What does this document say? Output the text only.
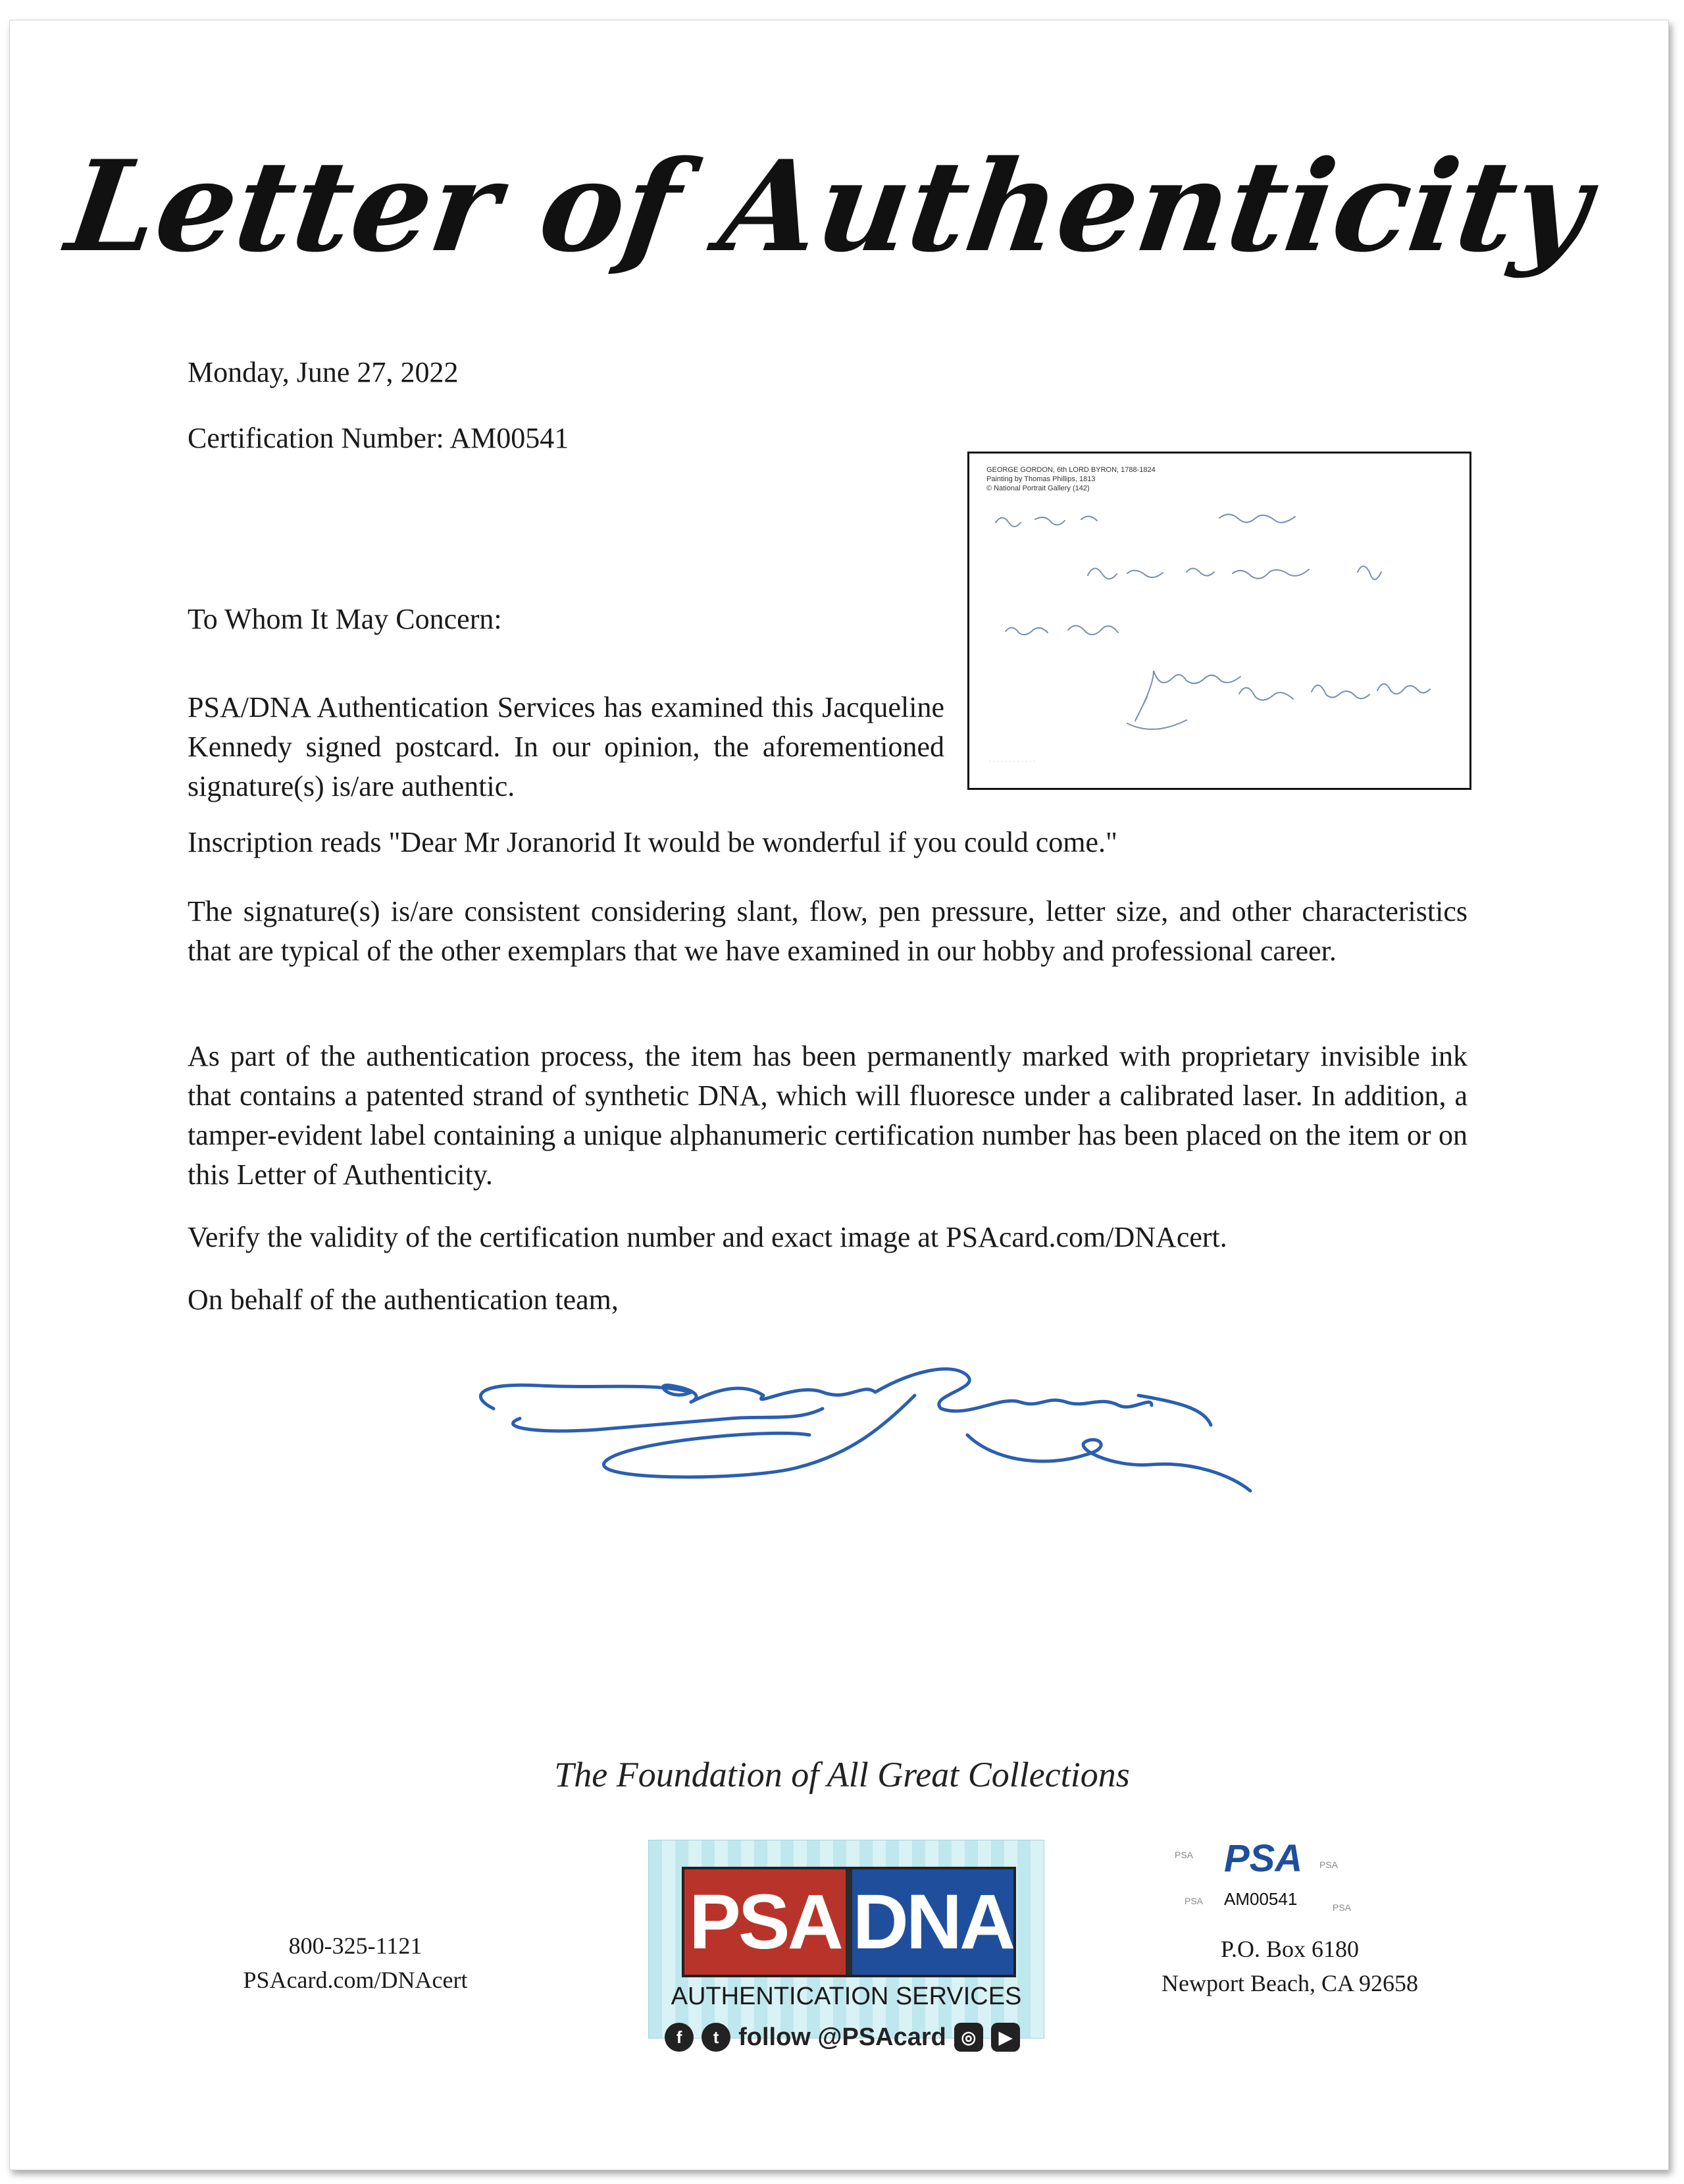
Letter of Authenticity
Monday, June 27, 2022
Certification Number: AM00541
GEORGE GORDON, 6th LORD BYRON, 1788-1824
Painting by Thomas Phillips, 1813
© National Portrait Gallery (142)
· · · · · · · · · · · ·
To Whom It May Concern:
PSA/DNA Authentication Services has examined this Jacqueline Kennedy signed postcard. In our opinion, the aforementioned signature(s) is/are authentic.
Inscription reads "Dear Mr Joranorid It would be wonderful if you could come."
The signature(s) is/are consistent considering slant, flow, pen pressure, letter size, and other characteristics that are typical of the other exemplars that we have examined in our hobby and professional career.
As part of the authentication process, the item has been permanently marked with proprietary invisible ink that contains a patented strand of synthetic DNA, which will fluoresce under a calibrated laser. In addition, a tamper-evident label containing a unique alphanumeric certification number has been placed on the item or on this Letter of Authenticity.
Verify the validity of the certification number and exact image at PSAcard.com/DNAcert.
On behalf of the authentication team,
The Foundation of All Great Collections
800-325-1121
PSAcard.com/DNAcert
PSA DNA
AUTHENTICATION SERVICES
f	t follow @PSAcard ◎	▶
PSA
PSA
PSA
PSA
PSA
AM00541
P.O. Box 6180
Newport Beach, CA 92658
